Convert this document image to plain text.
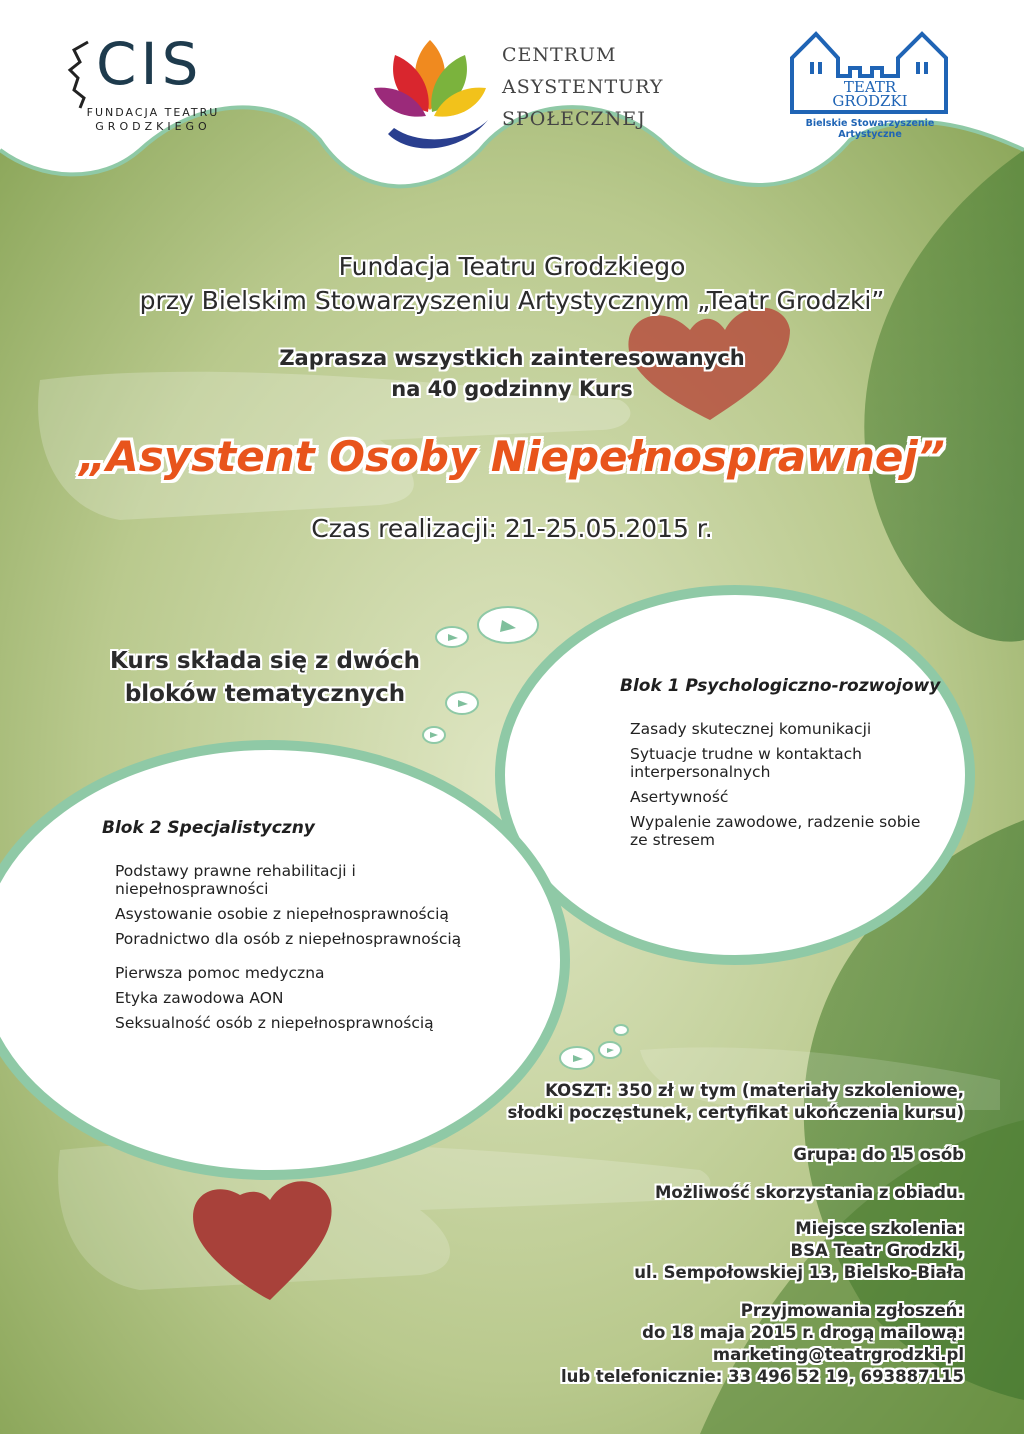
CIS
FUNDACJA TEATRU
GRODZKIEGO
CENTRUM
ASYSTENTURY
SPOŁECZNEJ
TEATR
GRODZKI
Bielskie Stowarzyszenie Artystyczne
Fundacja Teatru Grodzkiego
przy Bielskim Stowarzyszeniu Artystycznym „Teatr Grodzki”
Zaprasza wszystkich zainteresowanych
na 40 godzinny Kurs
„Asystent Osoby Niepełnosprawnej”
Czas realizacji: 21-25.05.2015 r.
Kurs składa się z dwóch
bloków tematycznych	Blok 1 Psychologiczno-rozwojowy
Zasady skutecznej komunikacji
Sytuacje trudne w kontaktach interpersonalnych
Asertywność
Wypalenie zawodowe, radzenie sobie ze stresem
Blok 2 Specjalistyczny
Podstawy prawne rehabilitacji i niepełnosprawności
Asystowanie osobie z niepełnosprawnością
Poradnictwo dla osób z niepełnosprawnością
Pierwsza pomoc medyczna
Etyka zawodowa AON
Seksualność osób z niepełnosprawnością
KOSZT: 350 zł w tym (materiały szkoleniowe,
słodki poczęstunek, certyfikat ukończenia kursu)
Grupa: do 15 osób
Możliwość skorzystania z obiadu.
Miejsce szkolenia:
BSA Teatr Grodzki,
ul. Sempołowskiej 13, Bielsko-Biała
Przyjmowania zgłoszeń:
do 18 maja 2015 r. drogą mailową:
marketing@teatrgrodzki.pl
lub telefonicznie: 33 496 52 19, 693887115
